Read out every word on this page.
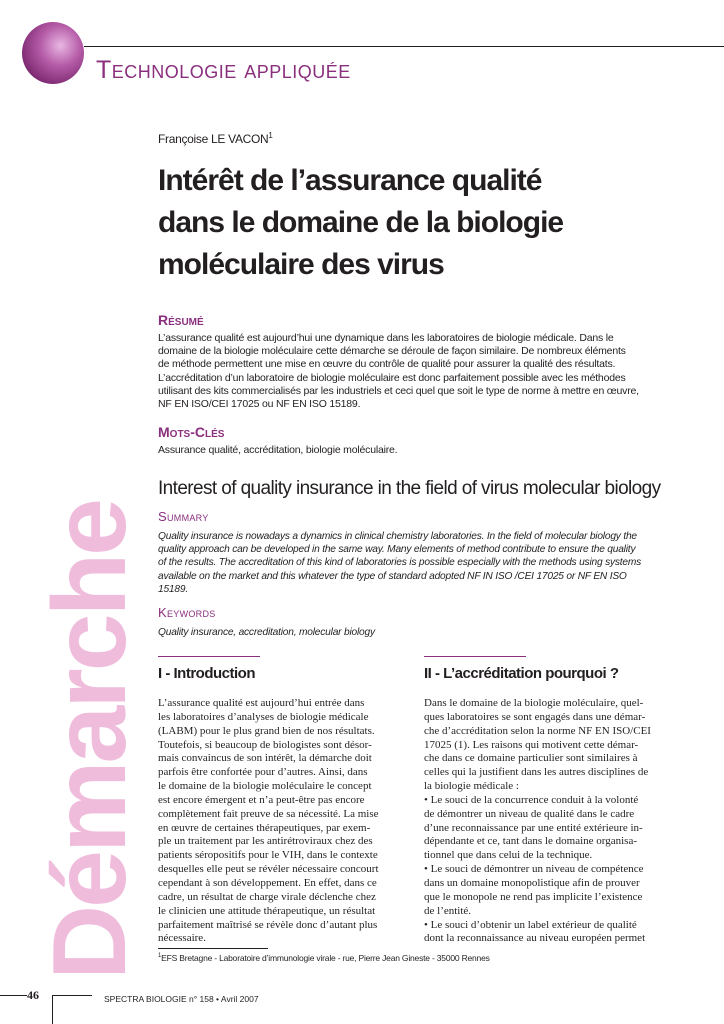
Technologie appliquée
Démarche
Françoise LE VACON$^1$
Intérêt de l’assurance qualité
dans le domaine de la biologie
moléculaire des virus
Résumé
L’assurance qualité est aujourd’hui une dynamique dans les laboratoires de biologie médicale. Dans le
domaine de la biologie moléculaire cette démarche se déroule de façon similaire. De nombreux éléments
de méthode permettent une mise en œuvre du contrôle de qualité pour assurer la qualité des résultats.
L’accréditation d’un laboratoire de biologie moléculaire est donc parfaitement possible avec les méthodes
utilisant des kits commercialisés par les industriels et ceci quel que soit le type de norme à mettre en œuvre,
NF EN ISO/CEI 17025 ou NF EN ISO 15189.
Mots-Clés
Assurance qualité, accréditation, biologie moléculaire.
Interest of quality insurance in the field of virus molecular biology
Summary
Quality insurance is nowadays a dynamics in clinical chemistry laboratories. In the field of molecular biology the
quality approach can be developed in the same way. Many elements of method contribute to ensure the quality
of the results. The accreditation of this kind of laboratories is possible especially with the methods using systems
available on the market and this whatever the type of standard adopted NF IN ISO /CEI 17025 or NF EN ISO
15189.
Keywords
Quality insurance, accreditation, molecular biology
I - Introduction
L’assurance qualité est aujourd’hui entrée dans
les laboratoires d’analyses de biologie médicale
(LABM) pour le plus grand bien de nos résultats.
Toutefois, si beaucoup de biologistes sont désor-
mais convaincus de son intérêt, la démarche doit
parfois être confortée pour d’autres. Ainsi, dans
le domaine de la biologie moléculaire le concept
est encore émergent et n’a peut-être pas encore
complètement fait preuve de sa nécessité. La mise
en œuvre de certaines thérapeutiques, par exem-
ple un traitement par les antirétroviraux chez des
patients séropositifs pour le VIH, dans le contexte
desquelles elle peut se révéler nécessaire concourt
cependant à son développement. En effet, dans ce
cadre, un résultat de charge virale déclenche chez
le clinicien une attitude thérapeutique, un résultat
parfaitement maîtrisé se révèle donc d’autant plus
nécessaire.
II - L’accréditation pourquoi ?
Dans le domaine de la biologie moléculaire, quel-
ques laboratoires se sont engagés dans une démar-
che d’accréditation selon la norme NF EN ISO/CEI
17025 (1). Les raisons qui motivent cette démar-
che dans ce domaine particulier sont similaires à
celles qui la justifient dans les autres disciplines de
la biologie médicale :
• Le souci de la concurrence conduit à la volonté
de démontrer un niveau de qualité dans le cadre
d’une reconnaissance par une entité extérieure in-
dépendante et ce, tant dans le domaine organisa-
tionnel que dans celui de la technique.
• Le souci de démontrer un niveau de compétence
dans un domaine monopolistique afin de prouver
que le monopole ne rend pas implicite l’existence
de l’entité.
• Le souci d’obtenir un label extérieur de qualité
dont la reconnaissance au niveau européen permet
$^1$EFS Bretagne - Laboratoire d’immunologie virale - rue, Pierre Jean Gineste - 35000 Rennes
46	SPECTRA BIOLOGIE n° 158 • Avril 2007
